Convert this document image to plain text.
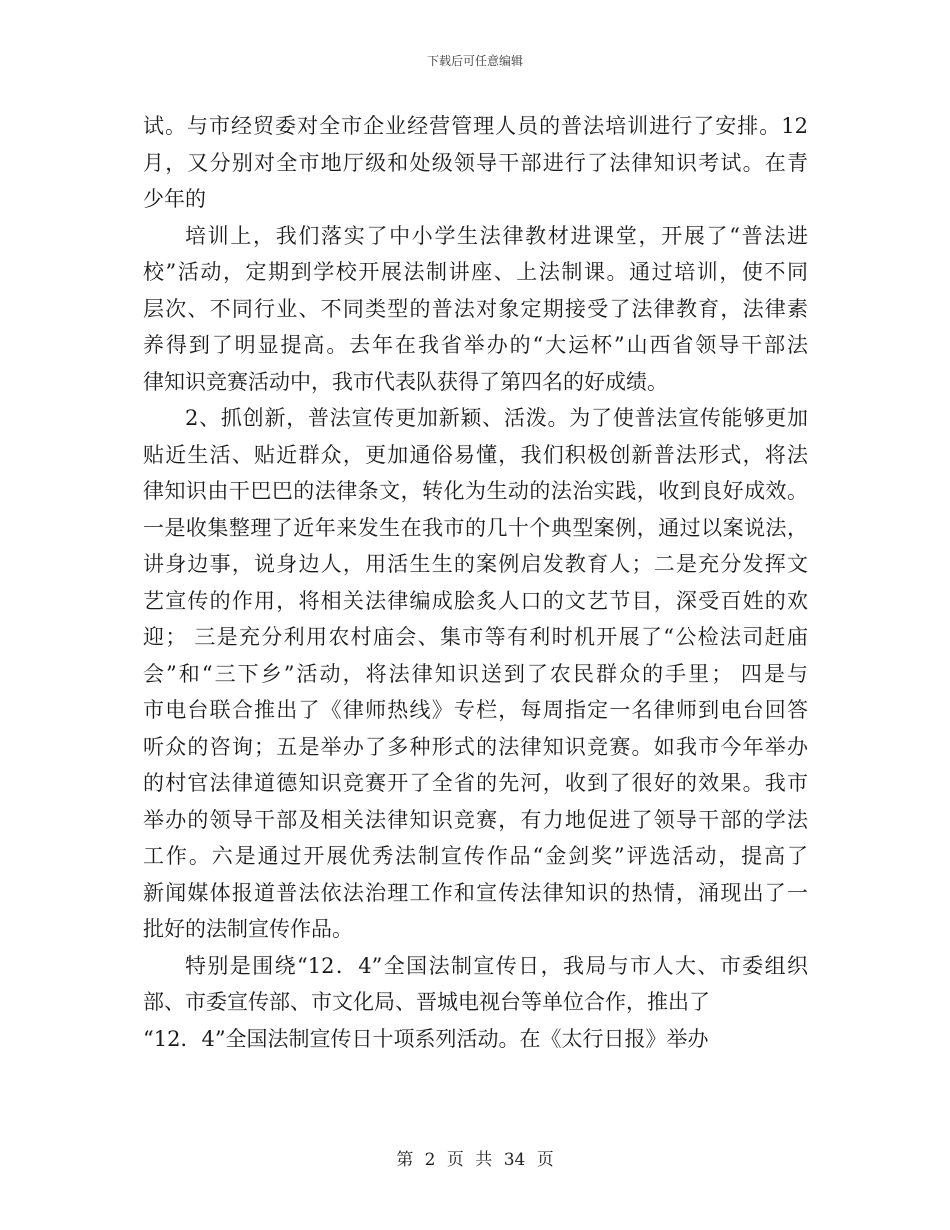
下载后可任意编辑
试。与市经贸委对全市企业经营管理人员的普法培训进行了安排。12
月，又分别对全市地厅级和处级领导干部进行了法律知识考试。在青
少年的
培训上，我们落实了中小学生法律教材进课堂，开展了“普法进
校”活动，定期到学校开展法制讲座、上法制课。通过培训，使不同
层次、不同行业、不同类型的普法对象定期接受了法律教育，法律素
养得到了明显提高。去年在我省举办的“大运杯”山西省领导干部法
律知识竞赛活动中，我市代表队获得了第四名的好成绩。
2、抓创新，普法宣传更加新颖、活泼。为了使普法宣传能够更加
贴近生活、贴近群众，更加通俗易懂，我们积极创新普法形式，将法
律知识由干巴巴的法律条文，转化为生动的法治实践，收到良好成效。
一是收集整理了近年来发生在我市的几十个典型案例，通过以案说法，
讲身边事，说身边人，用活生生的案例启发教育人；二是充分发挥文
艺宣传的作用，将相关法律编成脍炙人口的文艺节目，深受百姓的欢
迎； 三是充分利用农村庙会、集市等有利时机开展了“公检法司赶庙
会”和“三下乡”活动，将法律知识送到了农民群众的手里； 四是与
市电台联合推出了《律师热线》专栏，每周指定一名律师到电台回答
听众的咨询；五是举办了多种形式的法律知识竞赛。如我市今年举办
的村官法律道德知识竞赛开了全省的先河，收到了很好的效果。我市
举办的领导干部及相关法律知识竞赛，有力地促进了领导干部的学法
工作。六是通过开展优秀法制宣传作品“金剑奖”评选活动，提高了
新闻媒体报道普法依法治理工作和宣传法律知识的热情，涌现出了一
批好的法制宣传作品。
特别是围绕“12．4”全国法制宣传日，我局与市人大、市委组织
部、市委宣传部、市文化局、晋城电视台等单位合作，推出了
“12．4”全国法制宣传日十项系列活动。在《太行日报》举办
第 2 页 共 34 页
